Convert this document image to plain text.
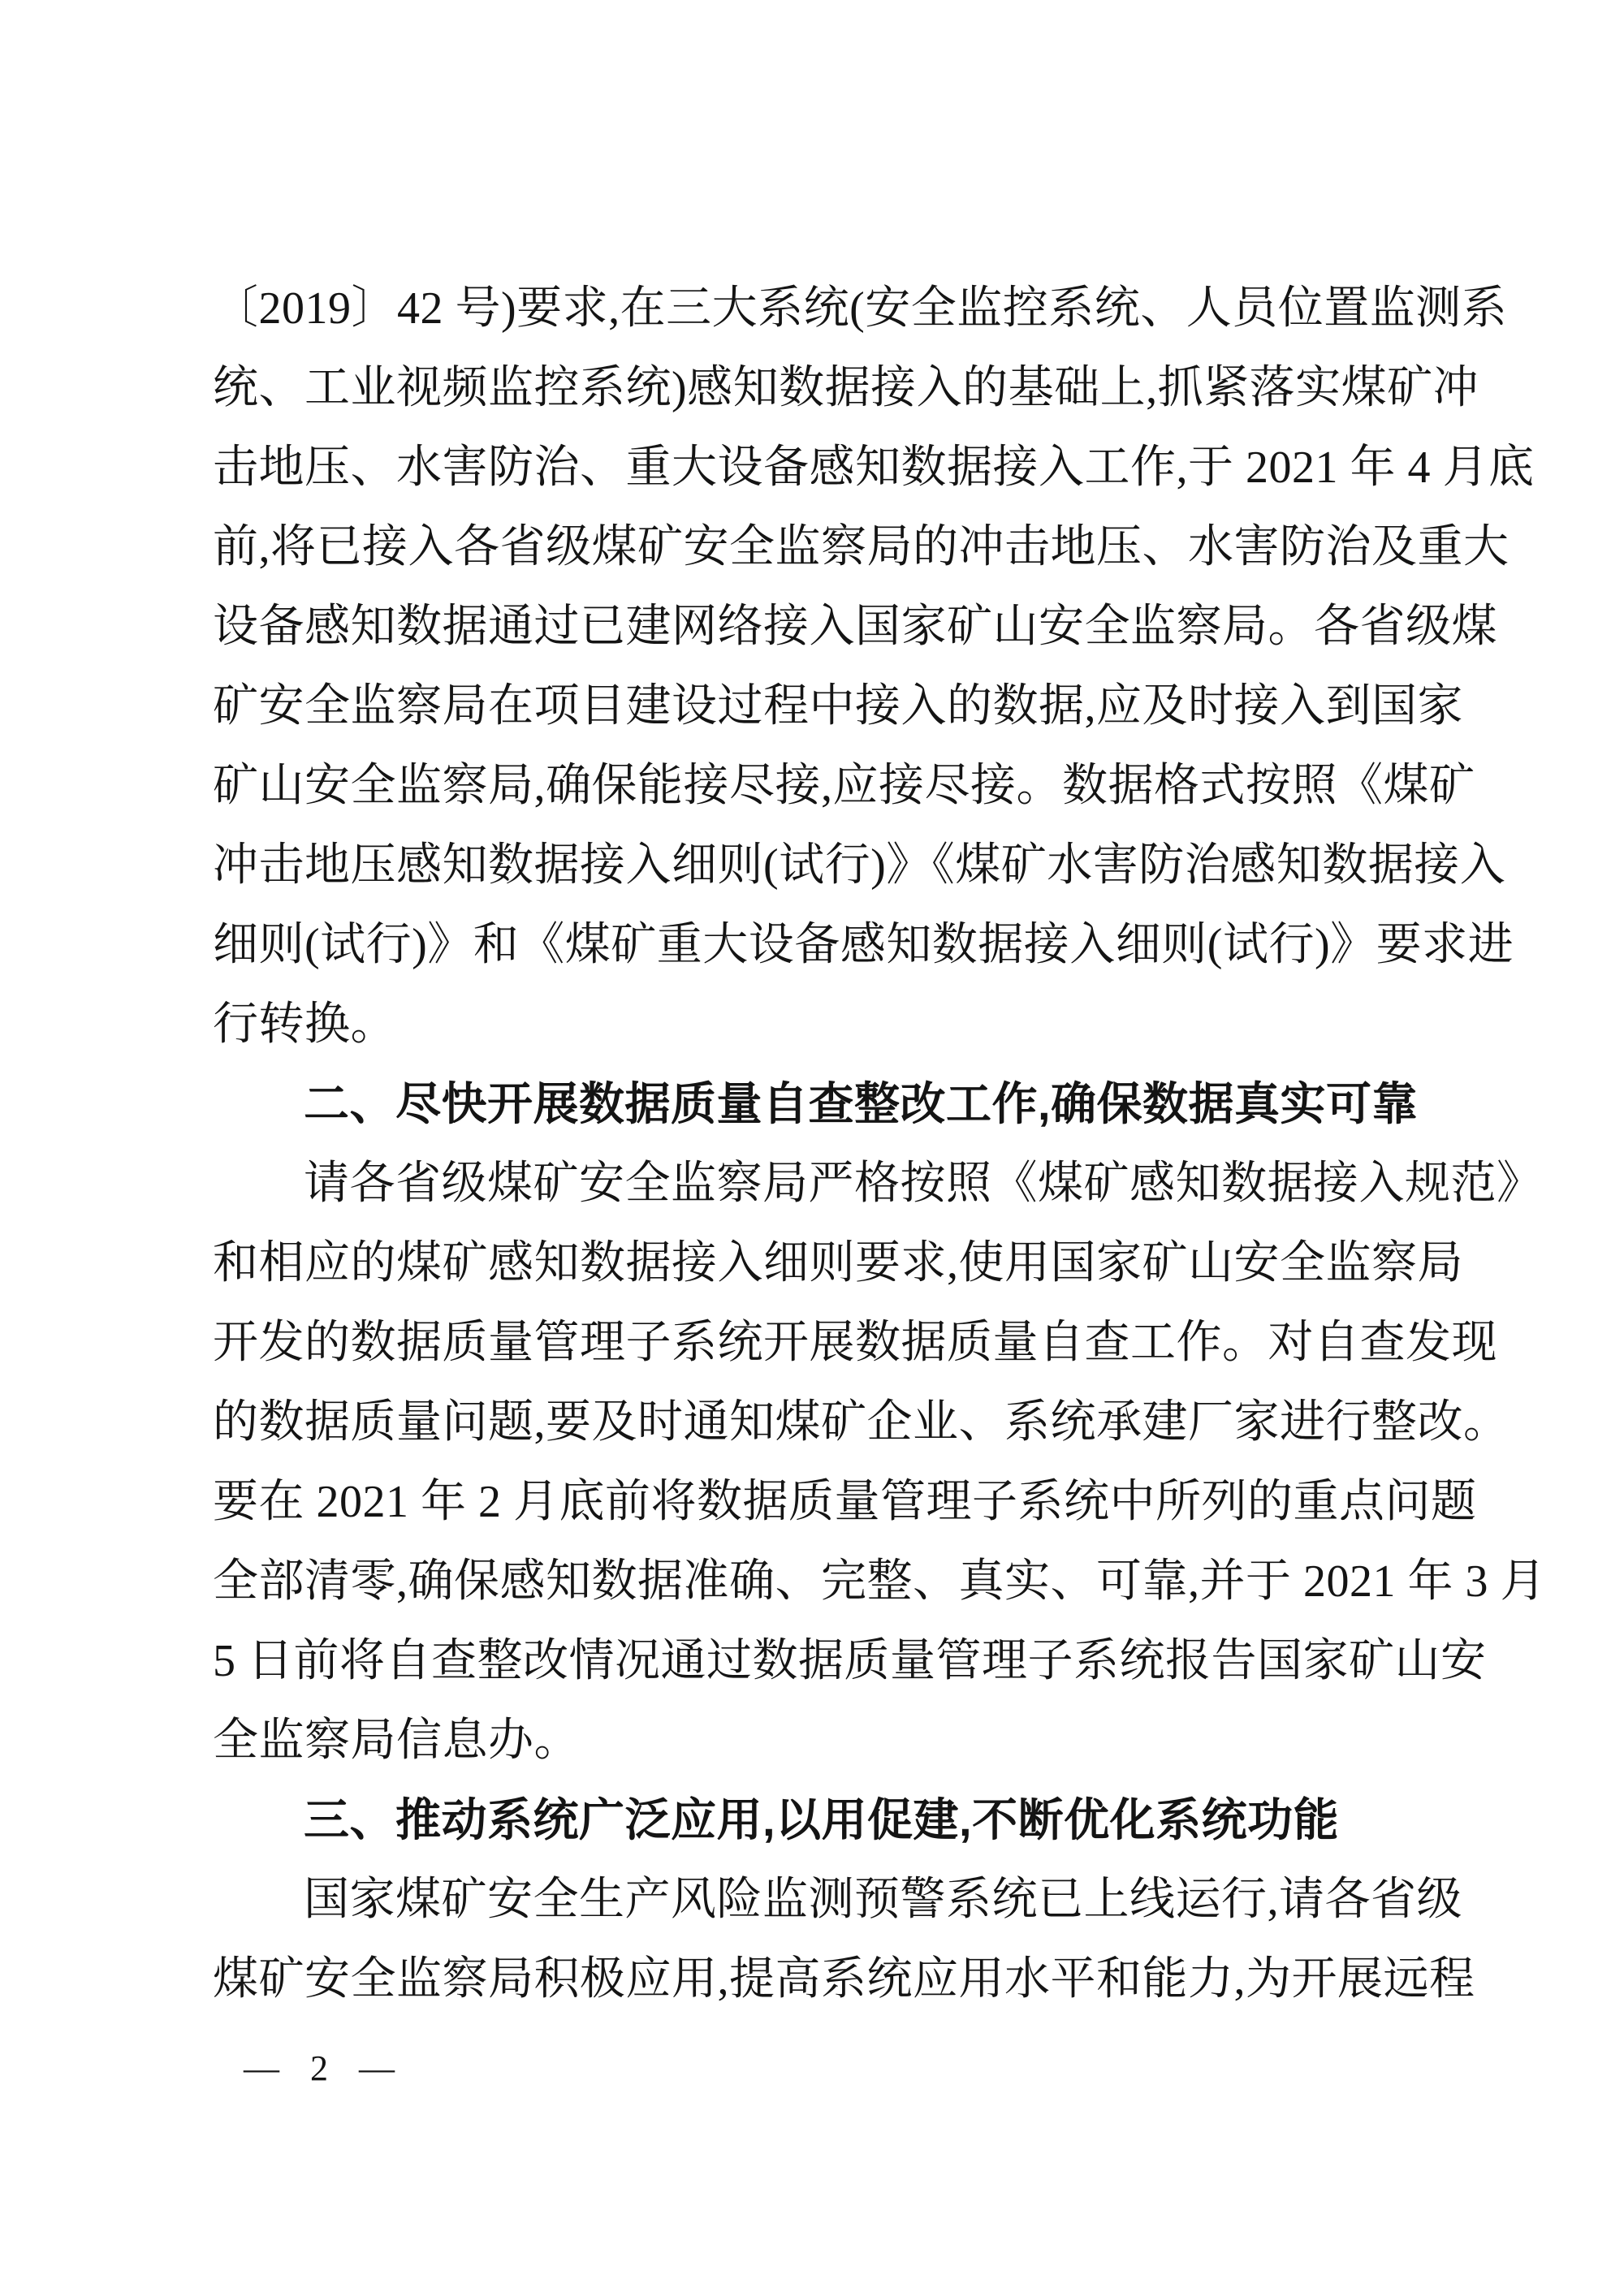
〔2019〕42 号)要求,在三大系统(安全监控系统、人员位置监测系
统、工业视频监控系统)感知数据接入的基础上,抓紧落实煤矿冲
击地压、水害防治、重大设备感知数据接入工作,于 2021 年 4 月底
前,将已接入各省级煤矿安全监察局的冲击地压、水害防治及重大
设备感知数据通过已建网络接入国家矿山安全监察局。各省级煤
矿安全监察局在项目建设过程中接入的数据,应及时接入到国家
矿山安全监察局,确保能接尽接,应接尽接。数据格式按照《煤矿
冲击地压感知数据接入细则(试行)》《煤矿水害防治感知数据接入
细则(试行)》和《煤矿重大设备感知数据接入细则(试行)》要求进
行转换。
二、尽快开展数据质量自查整改工作,确保数据真实可靠
请各省级煤矿安全监察局严格按照《煤矿感知数据接入规范》
和相应的煤矿感知数据接入细则要求,使用国家矿山安全监察局
开发的数据质量管理子系统开展数据质量自查工作。对自查发现
的数据质量问题,要及时通知煤矿企业、系统承建厂家进行整改。
要在 2021 年 2 月底前将数据质量管理子系统中所列的重点问题
全部清零,确保感知数据准确、完整、真实、可靠,并于 2021 年 3 月
5 日前将自查整改情况通过数据质量管理子系统报告国家矿山安
全监察局信息办。
三、推动系统广泛应用,以用促建,不断优化系统功能
国家煤矿安全生产风险监测预警系统已上线运行,请各省级
煤矿安全监察局积极应用,提高系统应用水平和能力,为开展远程
— 2 —
